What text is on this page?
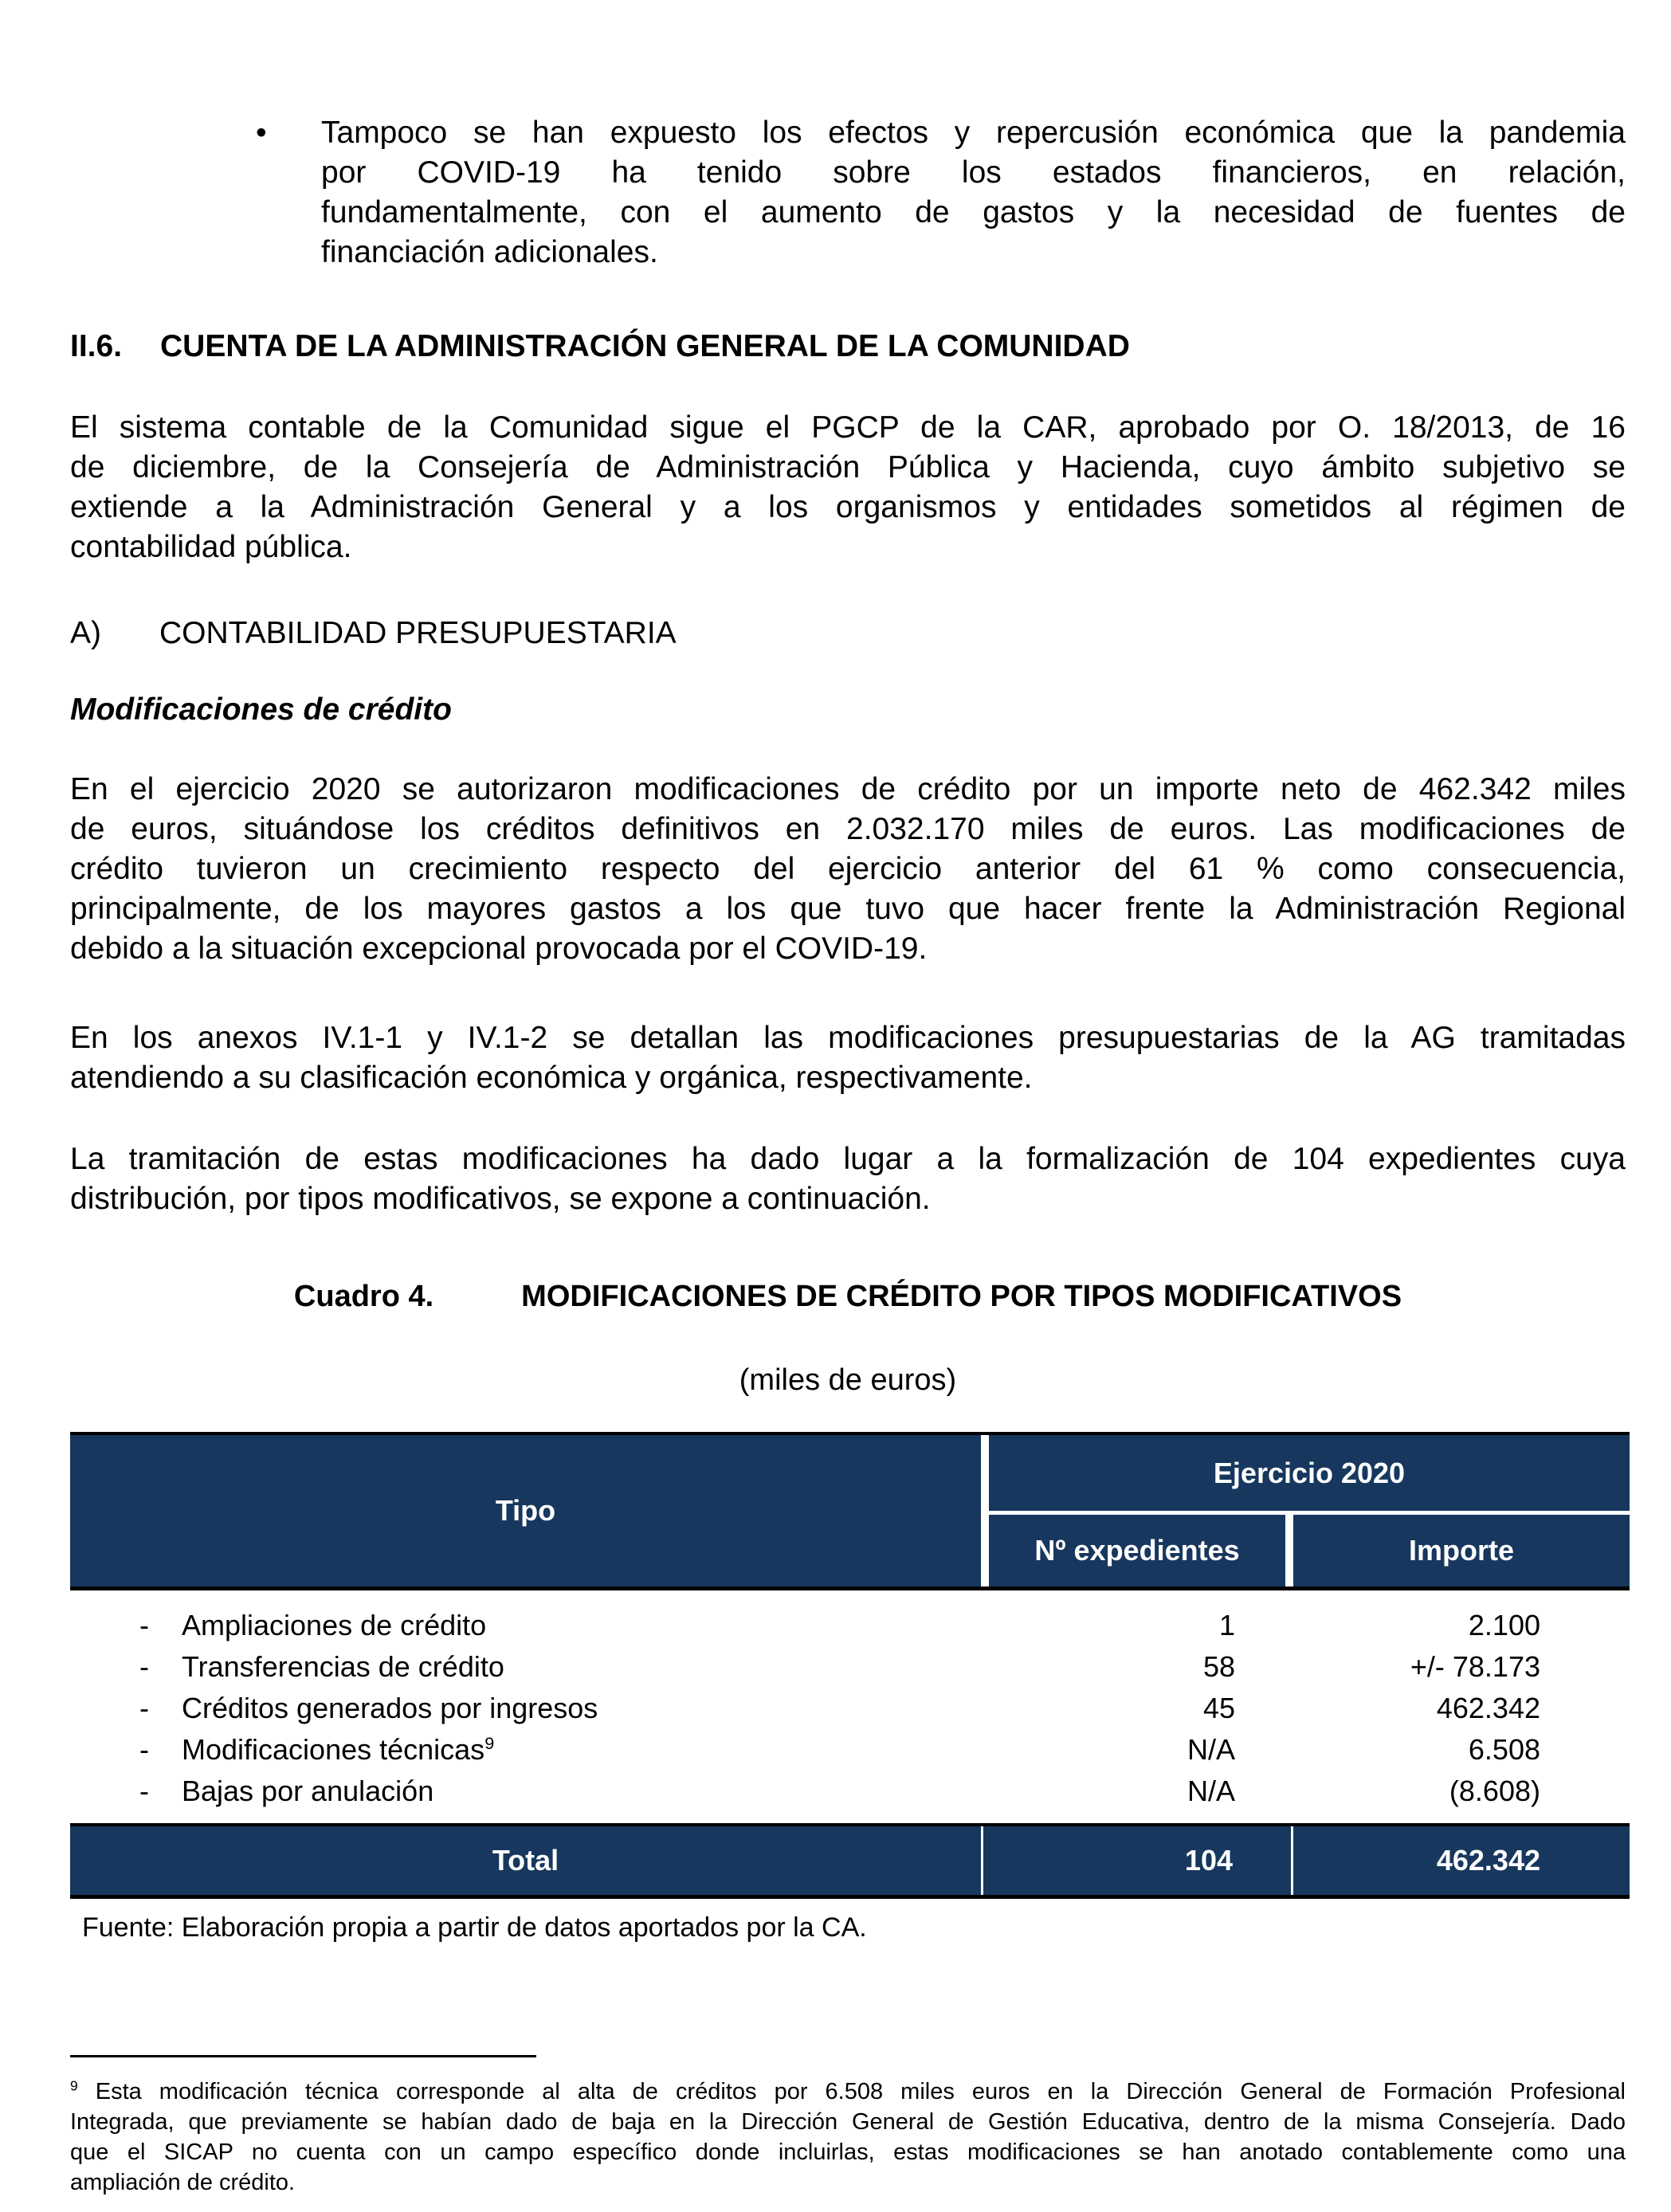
•	Tampoco se han expuesto los efectos y repercusión económica que la pandemia
por COVID-19 ha tenido sobre los estados financieros, en relación,
fundamentalmente, con el aumento de gastos y la necesidad de fuentes de
financiación adicionales.
II.6.	CUENTA DE LA ADMINISTRACIÓN GENERAL DE LA COMUNIDAD
El sistema contable de la Comunidad sigue el PGCP de la CAR, aprobado por O. 18/2013, de 16
de diciembre, de la Consejería de Administración Pública y Hacienda, cuyo ámbito subjetivo se
extiende a la Administración General y a los organismos y entidades sometidos al régimen de
contabilidad pública.
A)	CONTABILIDAD PRESUPUESTARIA
Modificaciones de crédito
En el ejercicio 2020 se autorizaron modificaciones de crédito por un importe neto de 462.342 miles
de euros, situándose los créditos definitivos en 2.032.170 miles de euros. Las modificaciones de
crédito tuvieron un crecimiento respecto del ejercicio anterior del 61 % como consecuencia,
principalmente, de los mayores gastos a los que tuvo que hacer frente la Administración Regional
debido a la situación excepcional provocada por el COVID-19.
En los anexos IV.1-1 y IV.1-2 se detallan las modificaciones presupuestarias de la AG tramitadas
atendiendo a su clasificación económica y orgánica, respectivamente.
La tramitación de estas modificaciones ha dado lugar a la formalización de 104 expedientes cuya
distribución, por tipos modificativos, se expone a continuación.
Cuadro 4.	MODIFICACIONES DE CRÉDITO POR TIPOS MODIFICATIVOS
(miles de euros)
Tipo
Ejercicio 2020
Nº expedientes	Importe
-	Ampliaciones de crédito	1	2.100
-	Transferencias de crédito	58	+/- 78.173
-	Créditos generados por ingresos	45	462.342
-	Modificaciones técnicas$^9$	N/A	6.508
-	Bajas por anulación	N/A	(8.608)
Total	104	462.342
Fuente: Elaboración propia a partir de datos aportados por la CA.
$^9$ Esta modificación técnica corresponde al alta de créditos por 6.508 miles euros en la Dirección General de Formación Profesional
Integrada, que previamente se habían dado de baja en la Dirección General de Gestión Educativa, dentro de la misma Consejería. Dado
que el SICAP no cuenta con un campo específico donde incluirlas, estas modificaciones se han anotado contablemente como una
ampliación de crédito.
